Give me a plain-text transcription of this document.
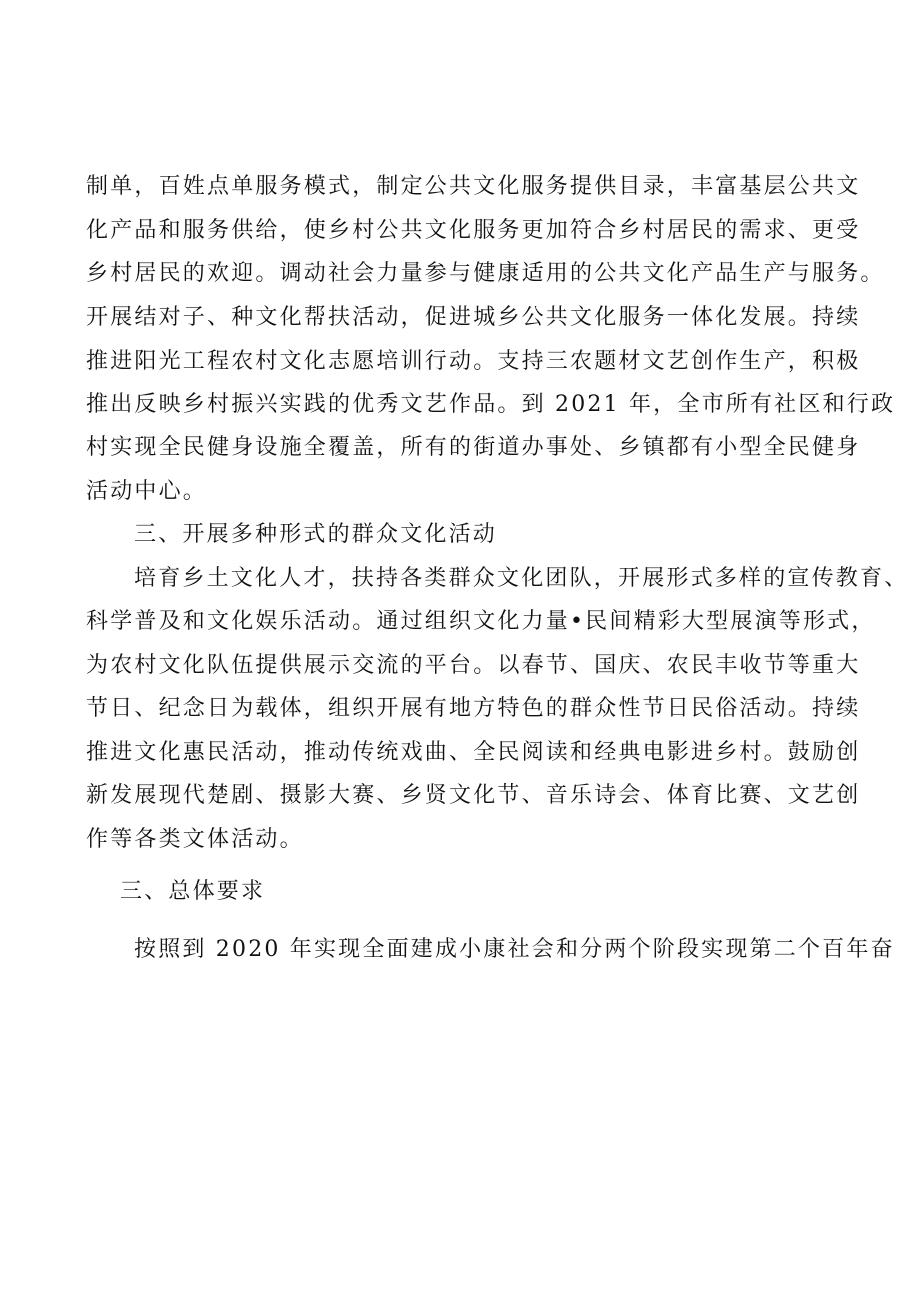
制单，百姓点单服务模式，制定公共文化服务提供目录，丰富基层公共文
化产品和服务供给，使乡村公共文化服务更加符合乡村居民的需求、更受
乡村居民的欢迎。调动社会力量参与健康适用的公共文化产品生产与服务。
开展结对子、种文化帮扶活动，促进城乡公共文化服务一体化发展。持续
推进阳光工程农村文化志愿培训行动。支持三农题材文艺创作生产，积极
推出反映乡村振兴实践的优秀文艺作品。到 2021 年，全市所有社区和行政
村实现全民健身设施全覆盖，所有的街道办事处、乡镇都有小型全民健身
活动中心。
三、开展多种形式的群众文化活动
培育乡土文化人才，扶持各类群众文化团队，开展形式多样的宣传教育、
科学普及和文化娱乐活动。通过组织文化力量•民间精彩大型展演等形式，
为农村文化队伍提供展示交流的平台。以春节、国庆、农民丰收节等重大
节日、纪念日为载体，组织开展有地方特色的群众性节日民俗活动。持续
推进文化惠民活动，推动传统戏曲、全民阅读和经典电影进乡村。鼓励创
新发展现代楚剧、摄影大赛、乡贤文化节、音乐诗会、体育比赛、文艺创
作等各类文体活动。
三、总体要求
按照到 2020 年实现全面建成小康社会和分两个阶段实现第二个百年奋
